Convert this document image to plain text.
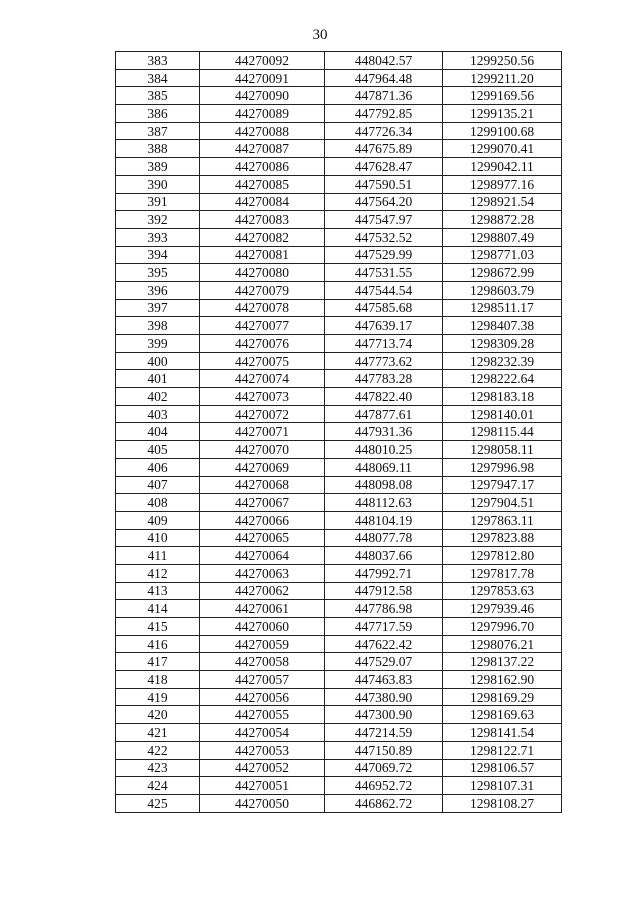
30
383	44270092	448042.57	1299250.56
384	44270091	447964.48	1299211.20
385	44270090	447871.36	1299169.56
386	44270089	447792.85	1299135.21
387	44270088	447726.34	1299100.68
388	44270087	447675.89	1299070.41
389	44270086	447628.47	1299042.11
390	44270085	447590.51	1298977.16
391	44270084	447564.20	1298921.54
392	44270083	447547.97	1298872.28
393	44270082	447532.52	1298807.49
394	44270081	447529.99	1298771.03
395	44270080	447531.55	1298672.99
396	44270079	447544.54	1298603.79
397	44270078	447585.68	1298511.17
398	44270077	447639.17	1298407.38
399	44270076	447713.74	1298309.28
400	44270075	447773.62	1298232.39
401	44270074	447783.28	1298222.64
402	44270073	447822.40	1298183.18
403	44270072	447877.61	1298140.01
404	44270071	447931.36	1298115.44
405	44270070	448010.25	1298058.11
406	44270069	448069.11	1297996.98
407	44270068	448098.08	1297947.17
408	44270067	448112.63	1297904.51
409	44270066	448104.19	1297863.11
410	44270065	448077.78	1297823.88
411	44270064	448037.66	1297812.80
412	44270063	447992.71	1297817.78
413	44270062	447912.58	1297853.63
414	44270061	447786.98	1297939.46
415	44270060	447717.59	1297996.70
416	44270059	447622.42	1298076.21
417	44270058	447529.07	1298137.22
418	44270057	447463.83	1298162.90
419	44270056	447380.90	1298169.29
420	44270055	447300.90	1298169.63
421	44270054	447214.59	1298141.54
422	44270053	447150.89	1298122.71
423	44270052	447069.72	1298106.57
424	44270051	446952.72	1298107.31
425	44270050	446862.72	1298108.27
